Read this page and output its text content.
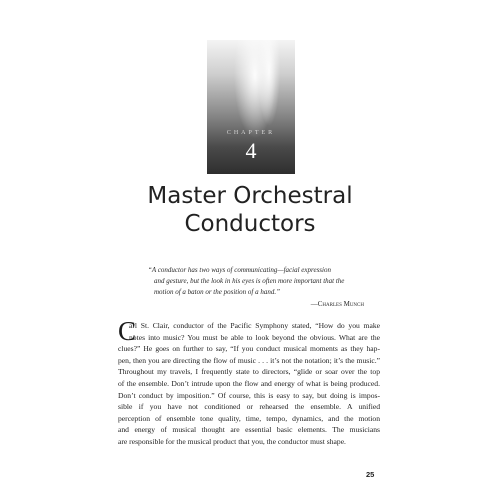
CHAPTER
4
Master Orchestral
Conductors
“A conductor has two ways of communicating—facial expression
and gesture, but the look in his eyes is often more important that the
motion of a baton or the position of a hand.”
—Charles Munch
C
arl St. Clair, conductor of the Pacific Symphony stated, “How do you make
notes into music? You must be able to look beyond the obvious. What are the
clues?” He goes on further to say, “If you conduct musical moments as they hap-
pen, then you are directing the flow of music . . . it’s not the notation; it’s the music.”
Throughout my travels, I frequently state to directors, “glide or soar over the top
of the ensemble. Don’t intrude upon the flow and energy of what is being produced.
Don’t conduct by imposition.” Of course, this is easy to say, but doing is impos-
sible if you have not conditioned or rehearsed the ensemble. A unified
perception of ensemble tone quality, time, tempo, dynamics, and the motion
and energy of musical thought are essential basic elements. The musicians
are responsible for the musical product that you, the conductor must shape.
25
